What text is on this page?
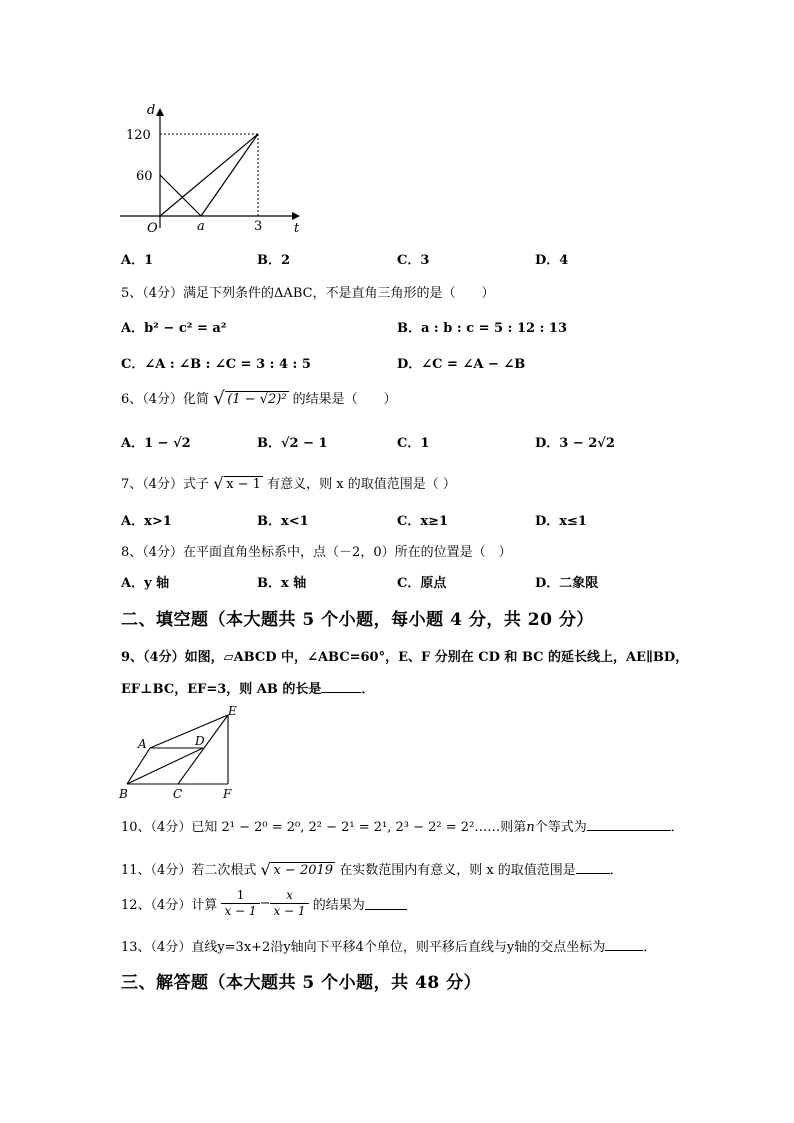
d
t
O
120
60
a	3
A．1	B．2	C．3	D．4
5、（4分）满足下列条件的ΔABC，不是直角三角形的是（　　）
A．b² − c² = a²	B．a : b : c = 5 : 12 : 13
C．∠A : ∠B : ∠C = 3 : 4 : 5	D．∠C = ∠A − ∠B
6、（4分）化简 √ (1 − √2)² 的结果是（　　）
A．1 − √2	B．√2 − 1	C．1	D．3 − 2√2
7、（4分）式子 √ x − 1 有意义，则 x 的取值范围是（ ）
A．x>1	B．x<1	C．x≥1	D．x≤1
8、（4分）在平面直角坐标系中，点（－2，0）所在的位置是（　）
A．y 轴	B．x 轴	C．原点	D．二象限
二、填空题（本大题共 5 个小题，每小题 4 分，共 20 分）
9、（4分）如图，▱ABCD 中，∠ABC=60°，E、F 分别在 CD 和 BC 的延长线上，AE∥BD，
EF⊥BC，EF=3，则 AB 的长是	．
A	D
E
B	C	F
10、（4分）已知 2¹ − 2⁰ = 2⁰, 2² − 2¹ = 2¹, 2³ − 2² = 2²……则第n个等式为	．
11、（4分）若二次根式 √ x − 2019 在实数范围内有意义，则 x 的取值范围是	．
12、（4分）计算 $\frac{1}{x - 1} - \frac{x}{x - 1}$ 的结果为
13、（4分）直线y=3x+2沿y轴向下平移4个单位，则平移后直线与y轴的交点坐标为	．
三、解答题（本大题共 5 个小题，共 48 分）
